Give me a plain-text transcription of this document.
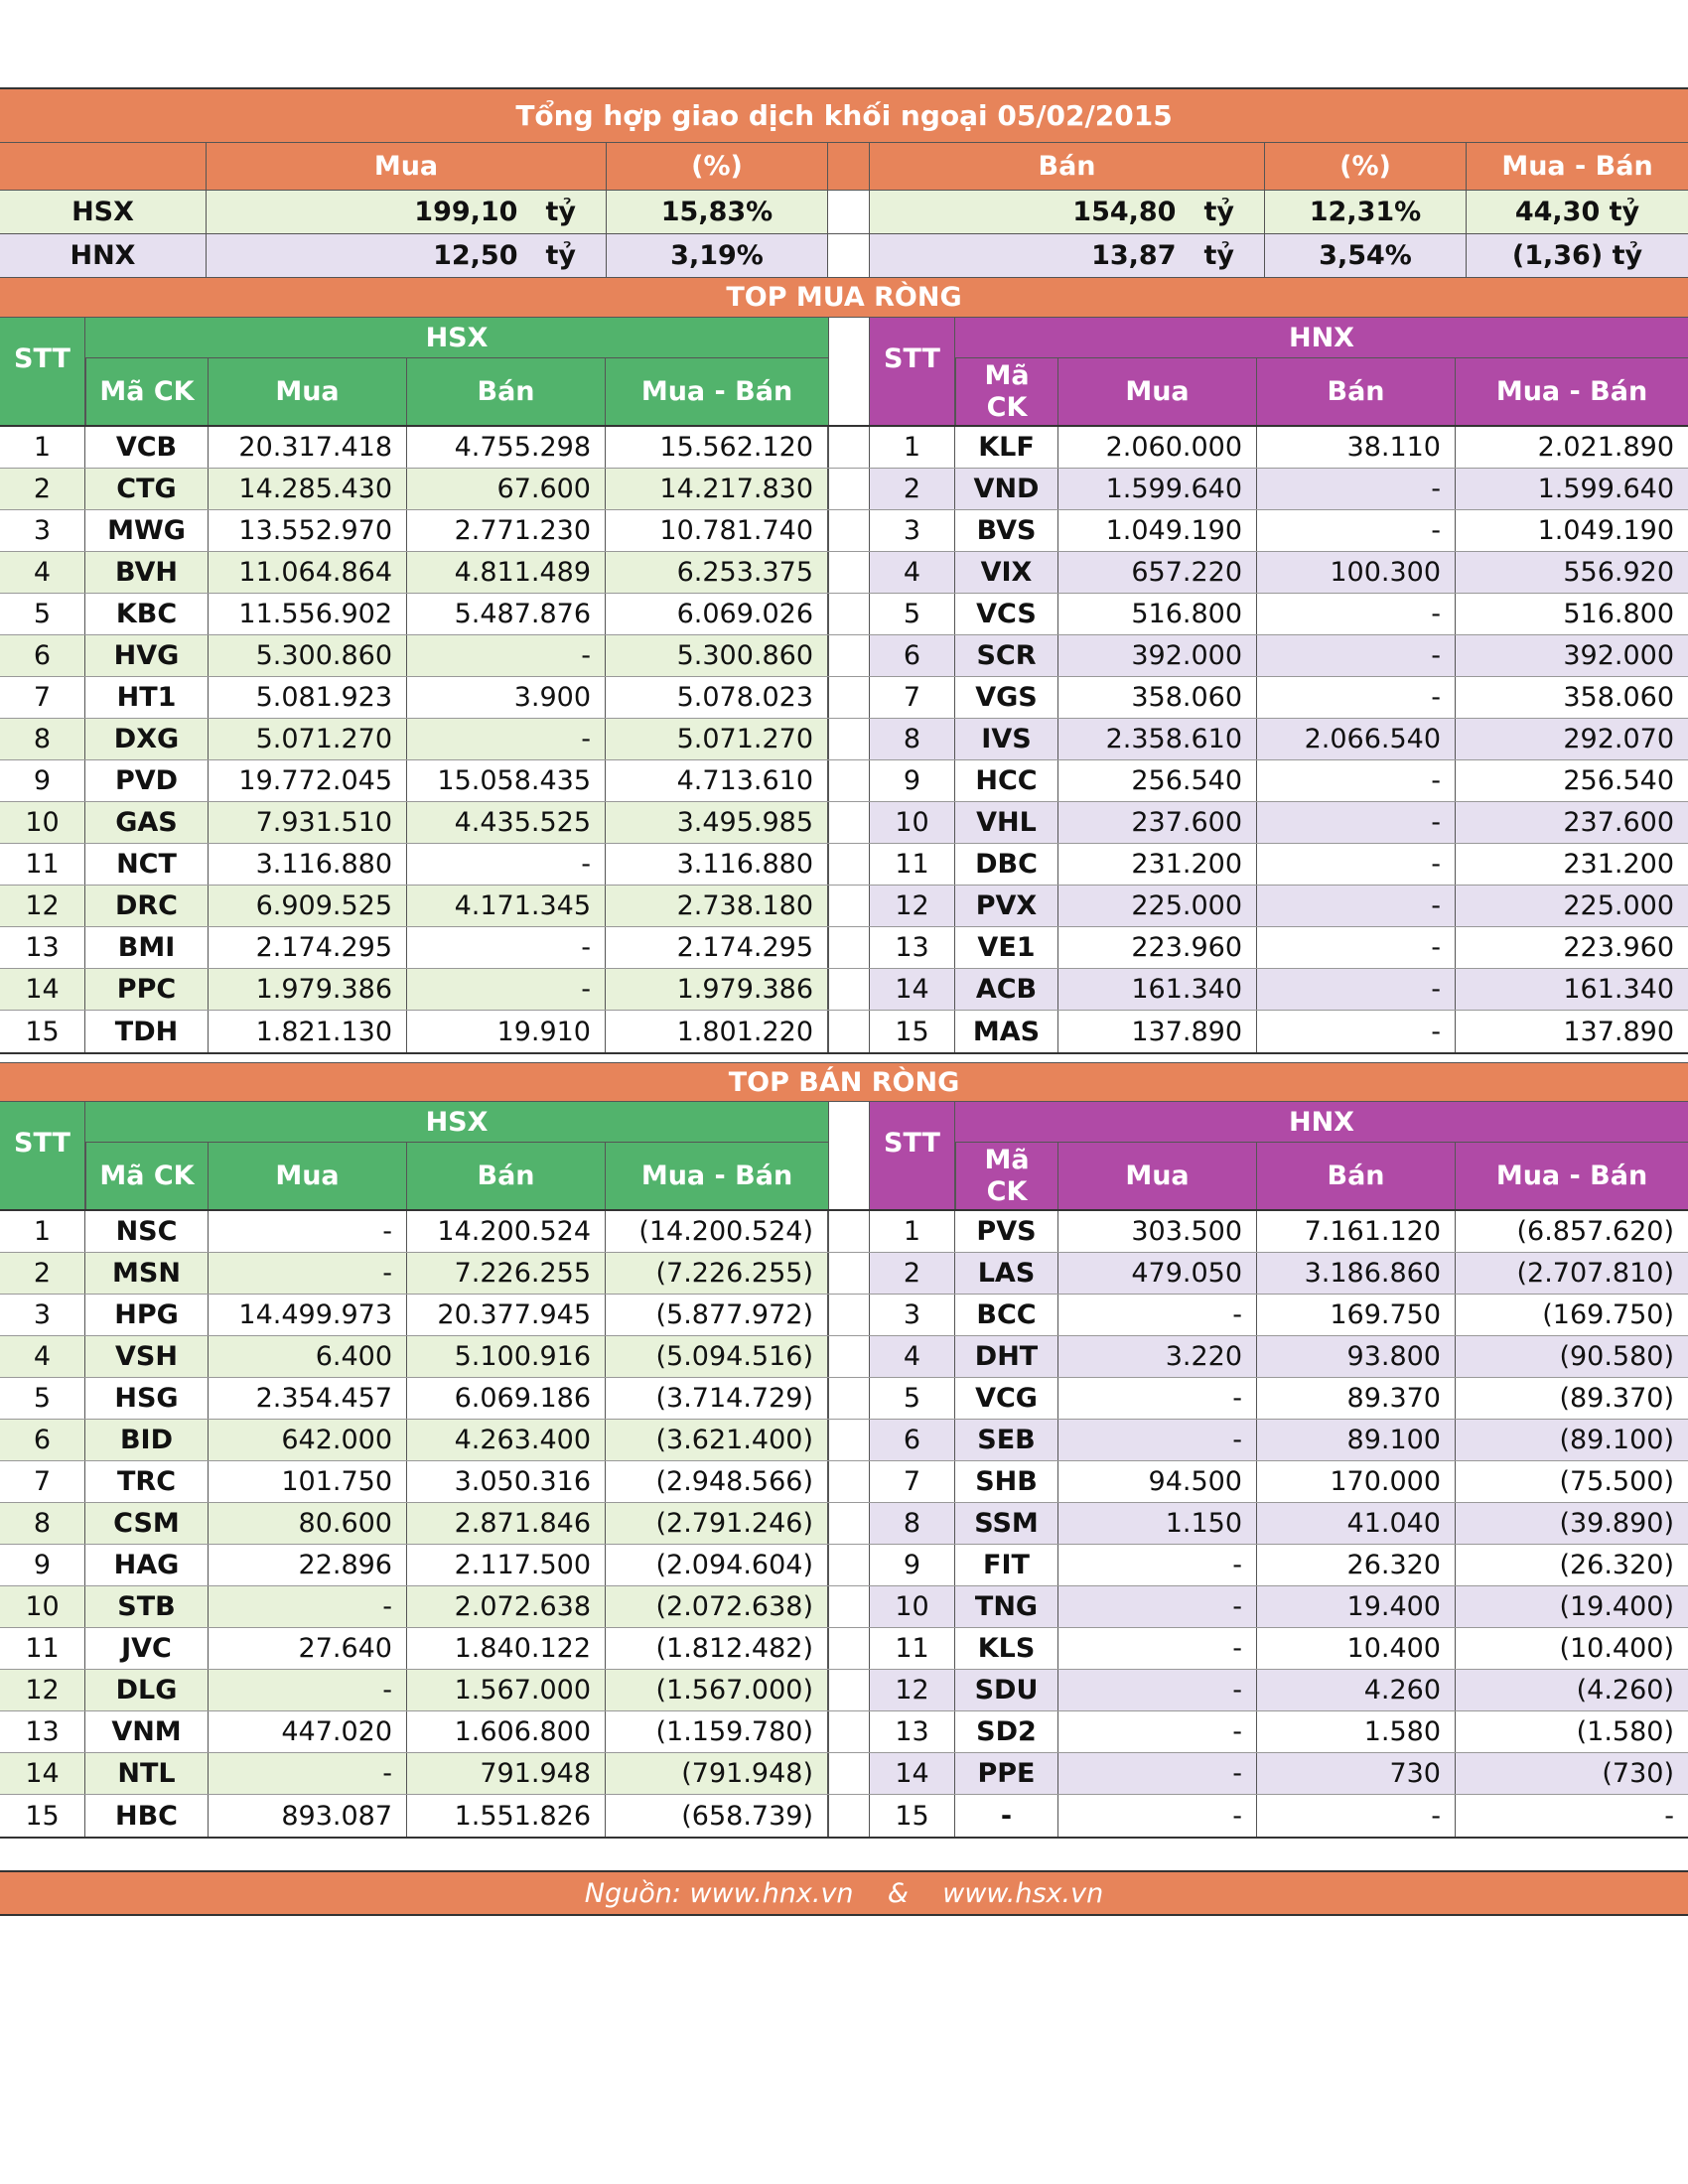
Tổng hợp giao dịch khối ngoại 05/02/2015
Mua	(%)	Bán	(%)	Mua - Bán
HSX	199,10 tỷ	15,83%	154,80 tỷ	12,31%	44,30 tỷ
HNX	12,50 tỷ	3,19%	13,87 tỷ	3,54%	(1,36) tỷ
TOP MUA RÒNG
STT
HSX
Mã CK	Mua	Bán	Mua - Bán
STT
HNX
Mã
CK	Mua	Bán	Mua - Bán
1	VCB	20.317.418	4.755.298	15.562.120	1	KLF	2.060.000	38.110	2.021.890
2	CTG	14.285.430	67.600	14.217.830	2	VND	1.599.640	-	1.599.640
3	MWG	13.552.970	2.771.230	10.781.740	3	BVS	1.049.190	-	1.049.190
4	BVH	11.064.864	4.811.489	6.253.375	4	VIX	657.220	100.300	556.920
5	KBC	11.556.902	5.487.876	6.069.026	5	VCS	516.800	-	516.800
6	HVG	5.300.860	-	5.300.860	6	SCR	392.000	-	392.000
7	HT1	5.081.923	3.900	5.078.023	7	VGS	358.060	-	358.060
8	DXG	5.071.270	-	5.071.270	8	IVS	2.358.610	2.066.540	292.070
9	PVD	19.772.045	15.058.435	4.713.610	9	HCC	256.540	-	256.540
10	GAS	7.931.510	4.435.525	3.495.985	10	VHL	237.600	-	237.600
11	NCT	3.116.880	-	3.116.880	11	DBC	231.200	-	231.200
12	DRC	6.909.525	4.171.345	2.738.180	12	PVX	225.000	-	225.000
13	BMI	2.174.295	-	2.174.295	13	VE1	223.960	-	223.960
14	PPC	1.979.386	-	1.979.386	14	ACB	161.340	-	161.340
15	TDH	1.821.130	19.910	1.801.220	15	MAS	137.890	-	137.890
TOP BÁN RÒNG
STT
HSX
Mã CK	Mua	Bán	Mua - Bán
STT
HNX
Mã
CK	Mua	Bán	Mua - Bán
1	NSC	-	14.200.524	(14.200.524)	1	PVS	303.500	7.161.120	(6.857.620)
2	MSN	-	7.226.255	(7.226.255)	2	LAS	479.050	3.186.860	(2.707.810)
3	HPG	14.499.973	20.377.945	(5.877.972)	3	BCC	-	169.750	(169.750)
4	VSH	6.400	5.100.916	(5.094.516)	4	DHT	3.220	93.800	(90.580)
5	HSG	2.354.457	6.069.186	(3.714.729)	5	VCG	-	89.370	(89.370)
6	BID	642.000	4.263.400	(3.621.400)	6	SEB	-	89.100	(89.100)
7	TRC	101.750	3.050.316	(2.948.566)	7	SHB	94.500	170.000	(75.500)
8	CSM	80.600	2.871.846	(2.791.246)	8	SSM	1.150	41.040	(39.890)
9	HAG	22.896	2.117.500	(2.094.604)	9	FIT	-	26.320	(26.320)
10	STB	-	2.072.638	(2.072.638)	10	TNG	-	19.400	(19.400)
11	JVC	27.640	1.840.122	(1.812.482)	11	KLS	-	10.400	(10.400)
12	DLG	-	1.567.000	(1.567.000)	12	SDU	-	4.260	(4.260)
13	VNM	447.020	1.606.800	(1.159.780)	13	SD2	-	1.580	(1.580)
14	NTL	-	791.948	(791.948)	14	PPE	-	730	(730)
15	HBC	893.087	1.551.826	(658.739)	15	-	-	-	-
Nguồn: www.hnx.vn    &    www.hsx.vn
